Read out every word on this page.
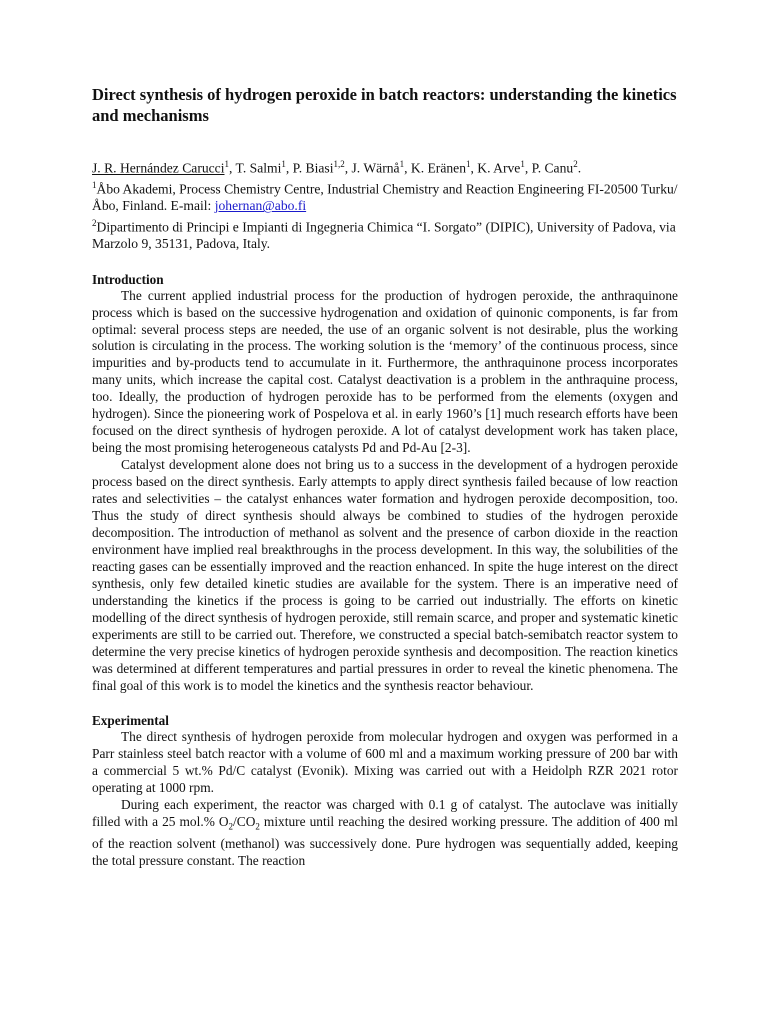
Direct synthesis of hydrogen peroxide in batch reactors: understanding the kinetics and mechanisms

J. R. Hernández Carucci$^1$, T. Salmi$^1$, P. Biasi$^{1,2}$, J. Wärnå$^1$, K. Eränen$^1$, K. Arve$^1$, P. Canu$^2$.

$^1$Åbo Akademi, Process Chemistry Centre, Industrial Chemistry and Reaction Engineering FI-20500 Turku/Åbo, Finland. E-mail: johernan@abo.fi

$^2$Dipartimento di Principi e Impianti di Ingegneria Chimica “I. Sorgato” (DIPIC), University of Padova, via Marzolo 9, 35131, Padova, Italy.

Introduction

The current applied industrial process for the production of hydrogen peroxide, the anthraquinone process which is based on the successive hydrogenation and oxidation of quinonic components, is far from optimal: several process steps are needed, the use of an organic solvent is not desirable, plus the working solution is circulating in the process. The working solution is the ‘memory’ of the continuous process, since impurities and by-products tend to accumulate in it. Furthermore, the anthraquinone process incorporates many units, which increase the capital cost. Catalyst deactivation is a problem in the anthraquine process, too. Ideally, the production of hydrogen peroxide has to be performed from the elements (oxygen and hydrogen). Since the pioneering work of Pospelova et al. in early 1960’s [1] much research efforts have been focused on the direct synthesis of hydrogen peroxide. A lot of catalyst development work has taken place, being the most promising heterogeneous catalysts Pd and Pd-Au [2-3].

Catalyst development alone does not bring us to a success in the development of a hydrogen peroxide process based on the direct synthesis. Early attempts to apply direct synthesis failed because of low reaction rates and selectivities – the catalyst enhances water formation and hydrogen peroxide decomposition, too. Thus the study of direct synthesis should always be combined to studies of the hydrogen peroxide decomposition. The introduction of methanol as solvent and the presence of carbon dioxide in the reaction environment have implied real breakthroughs in the process development. In this way, the solubilities of the reacting gases can be essentially improved and the reaction enhanced. In spite the huge interest on the direct synthesis, only few detailed kinetic studies are available for the system. There is an imperative need of understanding the kinetics if the process is going to be carried out industrially. The efforts on kinetic modelling of the direct synthesis of hydrogen peroxide, still remain scarce, and proper and systematic kinetic experiments are still to be carried out. Therefore, we constructed a special batch-semibatch reactor system to determine the very precise kinetics of hydrogen peroxide synthesis and decomposition. The reaction kinetics was determined at different temperatures and partial pressures in order to reveal the kinetic phenomena. The final goal of this work is to model the kinetics and the synthesis reactor behaviour.

Experimental

The direct synthesis of hydrogen peroxide from molecular hydrogen and oxygen was performed in a Parr stainless steel batch reactor with a volume of 600 ml and a maximum working pressure of 200 bar with a commercial 5 wt.% Pd/C catalyst (Evonik). Mixing was carried out with a Heidolph RZR 2021 rotor operating at 1000 rpm.

During each experiment, the reactor was charged with 0.1 g of catalyst. The autoclave was initially filled with a 25 mol.% $O_2/CO_2$ mixture until reaching the desired working pressure. The addition of 400 ml of the reaction solvent (methanol) was successively done. Pure hydrogen was sequentially added, keeping the total pressure constant. The reaction
